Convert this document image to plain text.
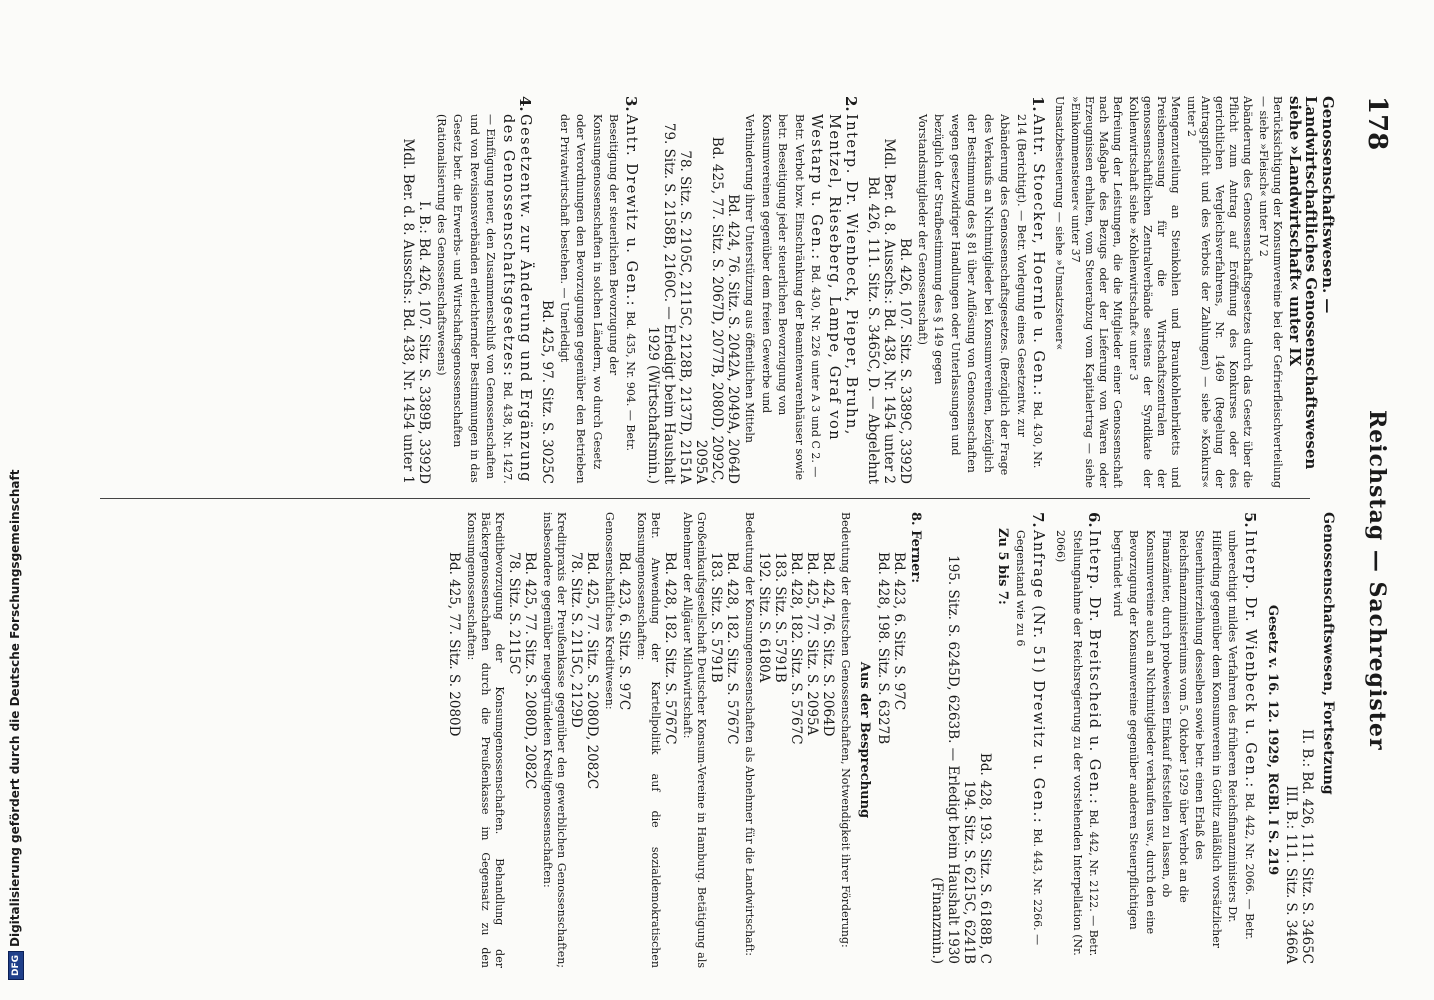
178
Reichstag — Sachregister
Genossenschaftswesen. — Landwirtschaftliches Genossenschaftswesen siehe »Landwirtschaft« unter IX

Berücksichtigung der Konsumvereine bei der Gefrierfleischverteilung — siehe »Fleisch« unter IV 2

Abänderung des Genossenschaftsgesetzes durch das Gesetz über die Pflicht zum Antrag auf Eröffnung des Konkurses oder des gerichtlichen Vergleichsverfahrens, Nr. 1469 (Regelung der Antragspflicht und des Verbots der Zahlungen) — siehe »Konkurs« unter 2

Mengenzuteilung an Steinkohlen und Braunkohlenbriketts und Preisbemessung für die Wirtschaftszentralen der genossenschaftlichen Zentralverbände seitens der Syndikate der Kohlenwirtschaft siehe »Kohlenwirtschaft« unter 3

Befreiung der Leistungen, die die Mitglieder einer Genossenschaft nach Maßgabe des Bezugs oder der Lieferung von Waren oder Erzeugnissen erhalten, vom Steuerabzug vom Kapitalertrag — siehe »Einkommensteuer« unter 37

Umsatzbesteuerung — siehe »Umsatzsteuer«

1.
Antr. Stoecker, Hoernle u. Gen.: Bd. 430, Nr. 214 (Berichtigt). — Betr. Vorlegung eines Gesetzentw. zur Abänderung des Genossenschaftsgesetzes. (Bezüglich der Frage des Verkaufs an Nichtmitglieder bei Konsumvereinen, bezüglich der Bestimmung des § 81 über Auflösung von Genossenschaften wegen gesetzwidriger Handlungen oder Unterlassungen und bezüglich der Strafbestimmung des § 149 gegen Vorstandsmitglieder der Genossenschaft)
Bd. 426, 107. Sitz. S. 3389C, 3392D
Mdl. Ber. d. 8. Ausschs.: Bd. 438, Nr. 1454 unter 2
Bd. 426, 111. Sitz. S. 3465C, D. — Abgelehnt
2.
Interp. Dr. Wienbeck, Pieper, Bruhn, Mentzel, Rieseberg, Lampe, Graf von Westarp u. Gen.: Bd. 430, Nr. 226 unter A 3 und C 2. — Betr. Verbot bzw. Einschränkung der Beamtenwarenhäuser sowie betr. Beseitigung jeder steuerlichen Bevorzugung von Konsumvereinen gegenüber dem freien Gewerbe und Verhinderung ihrer Unterstützung aus öffentlichen Mitteln
Bd. 424, 76. Sitz. S. 2042A, 2049A, 2064D
Bd. 425, 77. Sitz. S. 2067D, 2077B, 2080D, 2092C, 2095A
78. Sitz. S. 2105C, 2115C, 2128B, 2137D, 2151A
79. Sitz. S. 2158B, 2160C. — Erledigt beim Haushalt 1929 (Wirtschaftsmin.)
3.
Antr. Drewitz u. Gen.: Bd. 435, Nr. 904. — Betr. Beseitigung der steuerlichen Bevorzugung der Konsumgenossenschaften in solchen Ländern, wo durch Gesetz oder Verordnungen den Bevorzugungen gegenüber den Betrieben der Privatwirtschaft bestehen. — Unerledigt
Bd. 425, 97. Sitz. S. 3025C
4.
Gesetzentw. zur Änderung und Ergänzung des Genossenschaftsgesetzes: Bd. 438, Nr. 1427. — Einfügung neuer, den Zusammenschluß von Genossenschaften und von Revisionsverbänden erleichternder Bestimmungen in das Gesetz betr. die Erwerbs- und Wirtschaftsgenossenschaften (Rationalisierung des Genossenschaftswesens)
I. B.: Bd. 426, 107. Sitz. S. 3389B, 3392D
Mdl. Ber. d. 8. Ausschs.: Bd. 438, Nr. 1454 unter 1
Genossenschaftswesen, Fortsetzung
II. B.: Bd. 426, 111. Sitz. S. 3465C
III. B.: 111. Sitz. S. 3466A
Gesetz v. 16. 12. 1929, RGBl. I S. 219
5.
Interp. Dr. Wienbeck u. Gen.: Bd. 442, Nr. 2066. — Betr. unberechtigt mildes Verfahren des früheren Reichsfinanzministers Dr. Hilferding gegenüber dem Konsumverein in Görlitz anläßlich vorsätzlicher Steuerhinterziehung desselben sowie betr. einen Erlaß des Reichsfinanzministeriums vom 5. Oktober 1929 über Verbot an die Finanzämter, durch probeweisen Einkauf feststellen zu lassen, ob Konsumvereine auch an Nichtmitglieder verkaufen usw., durch den eine Bevorzugung der Konsumvereine gegenüber anderen Steuerpflichtigen begründet wird
6.
Interp. Dr. Breitscheid u. Gen.: Bd. 442, Nr. 2122. — Betr. Stellungnahme der Reichsregierung zu der vorstehenden Interpellation (Nr. 2066)
7.
Anfrage (Nr. 51) Drewitz u. Gen.: Bd. 443, Nr. 2266. — Gegenstand wie zu 6
Zu 5 bis 7:
Bd. 428, 193. Sitz. S. 6188B, C
194. Sitz. S. 6215C, 6241B
195. Sitz. S. 6245D, 6263B. — Erledigt beim Haushalt 1930 (Finanzmin.)
8. Ferner:
Bd. 423, 6. Sitz. S. 97C
Bd. 428, 198. Sitz. S. 6327B
Aus der Besprechung

Bedeutung der deutschen Genossenschaften, Notwendigkeit ihrer Förderung:

Bd. 424, 76. Sitz. S. 2064D
Bd. 425, 77. Sitz. S. 2095A
Bd. 428, 182. Sitz. S. 5767C
183. Sitz. S. 5791B
192. Sitz. S. 6180A

Bedeutung der Konsumgenossenschaften als Abnehmer für die Landwirtschaft:

Bd. 428, 182. Sitz. S. 5767C
183. Sitz. S. 5791B

Großeinkaufsgesellschaft Deutscher Konsum-Vereine in Hamburg. Betätigung als Abnehmer der Allgäuer Milchwirtschaft:

Bd. 428, 182. Sitz. S. 5767C

Betr. Anwendung der Kartellpolitik auf die sozialdemokratischen Konsumgenossenschaften:

Bd. 423, 6. Sitz. S. 97C

Genossenschaftliches Kreditwesen:

Bd. 425, 77. Sitz. S. 2080D, 2082C
78. Sitz. S. 2115C, 2129D

Kreditpraxis der Preußenkasse gegenüber den gewerblichen Genossenschaften; insbesondere gegenüber neugegründeten Kreditgenossenschaften:

Bd. 425, 77. Sitz. S. 2080D, 2082C
78. Sitz. S. 2115C

Kreditbevorzugung der Konsumgenossenschaften. Behandlung der Bäckergenossenschaften durch die Preußenkasse im Gegensatz zu den Konsumgenossenschaften:

Bd. 425, 77. Sitz. S. 2080D
DFGDigitalisierung gefördert durch die Deutsche Forschungsgemeinschaft
